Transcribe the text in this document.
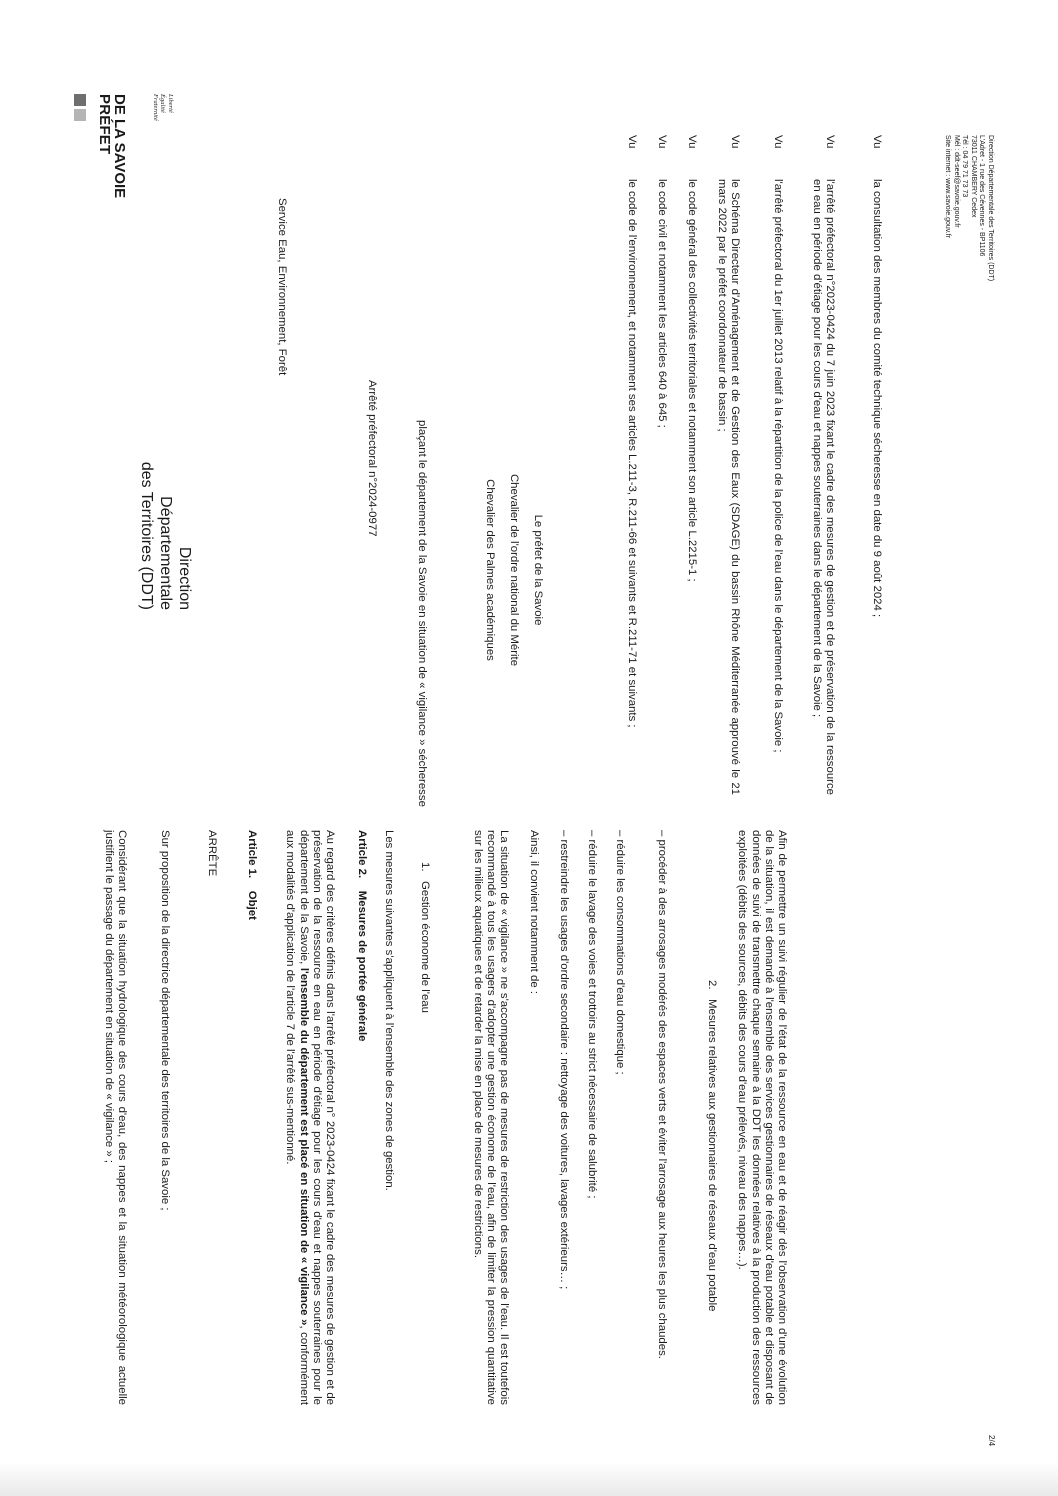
PRÉFET
DE LA SAVOIE	Liberté
Égalité
Fraternité
Direction
Départementale
des Territoires (DDT)
Service Eau, Environnement, Forêt
Arrêté préfectoral n°2024-0977	plaçant le département de la Savoie en situation de « vigilance » sécheresse	Le préfet de la Savoie
Chevalier de l'ordre national du Mérite
Chevalier des Palmes académiques
Vu
le code de l'environnement, et notamment ses articles L.211-3, R.211-66 et suivants et R.211-71 et suivants ;
Vu
le code civil et notamment les articles 640 à 645 ;
Vu
le code général des collectivités territoriales et notamment son article L.2215-1 ;
Vu
le Schéma Directeur d'Aménagement et de Gestion des Eaux (SDAGE) du bassin Rhône Méditerranée approuvé le 21 mars 2022 par le préfet coordonnateur de bassin ;
Vu
l'arrêté préfectoral du 1er juillet 2013 relatif à la répartition de la police de l'eau dans le département de la Savoie ;
Vu
l'arrêté préfectoral n°2023-0424 du 7 juin 2023 fixant le cadre des mesures de gestion et de préservation de la ressource en eau en période d'étiage pour les cours d'eau et nappes souterraines dans le département de la Savoie ;
Vu
la consultation des membres du comité technique sécheresse en date du 9 août 2024 ;	Direction Départementale des Territoires (DDT)
L'Adret - 1 rue des Cévennes - BP1106
73011 CHAMBERY Cedex
Tél : 04 79 71 73 73
Mél : ddt-seef@savoie.gouv.fr
Site internet : www.savoie.gouv.fr

Considérant que la situation hydrologique des cours d'eau, des nappes et la situation météorologique actuelle justifient le passage du département en situation de « vigilance » ;	Sur proposition de la directrice départementale des territoires de la Savoie ;	ARRÊTE Article 1.    Objet	Au regard des critères définis dans l'arrêté préfectoral n° 2023-0424 fixant le cadre des mesures de gestion et de préservation de la ressource en eau en période d'étiage pour les cours d'eau et nappes souterraines pour le département de la Savoie, l'ensemble du département est placé en situation de « vigilance », conformément aux modalités d'application de l'article 7 de l'arrêté sus-mentionné.	Article 2.    Mesures de portée générale Les mesures suivantes s'appliquent à l'ensemble des zones de gestion. 1.   Gestion économe de l'eau	La situation de « vigilance » ne s'accompagne pas de mesures de restriction des usages de l'eau. Il est toutefois recommandé à tous les usagers d'adopter une gestion économe de l'eau, afin de limiter la pression quantitative sur les milieux aquatiques et de retarder la mise en place de mesures de restrictions.	Ainsi, il convient notamment de : – restreindre les usages d'ordre secondaire : nettoyage des voitures, lavages extérieurs… ; – réduire le lavage des voies et trottoirs au strict nécessaire de salubrité ; – réduire les consommations d'eau domestique ;	– procéder à des arrosages modérés des espaces verts et éviter l'arrosage aux heures les plus chaudes.	2.   Mesures relatives aux gestionnaires de réseaux d'eau potable	Afin de permettre un suivi régulier de l'état de la ressource en eau et de réagir dès l'observation d'une évolution de la situation, il est demandé à l'ensemble des services gestionnaires de réseaux d'eau potable et disposant de données de suivi de transmettre chaque semaine à la DDT les données relatives à la production des ressources exploitées (débits des sources, débits des cours d'eau prélevés, niveau des nappes…).

2/4
